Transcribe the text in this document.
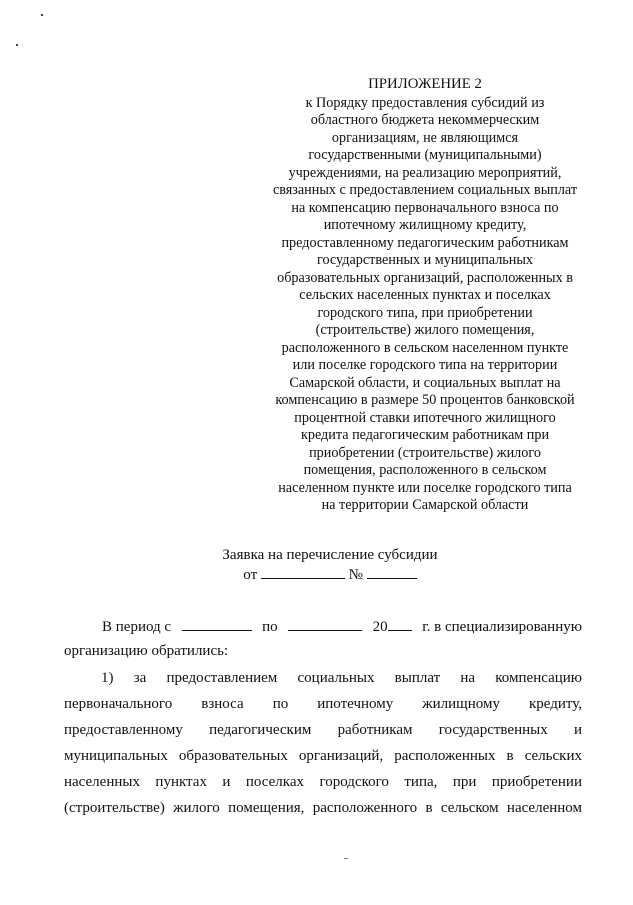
ПРИЛОЖЕНИЕ 2
к Порядку предоставления субсидий из
областного бюджета некоммерческим
организациям, не являющимся
государственными (муниципальными)
учреждениями, на реализацию мероприятий,
связанных с предоставлением социальных выплат
на компенсацию первоначального взноса по
ипотечному жилищному кредиту,
предоставленному педагогическим работникам
государственных и муниципальных
образовательных организаций, расположенных в
сельских населенных пунктах и поселках
городского типа, при приобретении
(строительстве) жилого помещения,
расположенного в сельском населенном пункте
или поселке городского типа на территории
Самарской области, и социальных выплат на
компенсацию в размере 50 процентов банковской
процентной ставки ипотечного жилищного
кредита педагогическим работникам при
приобретении (строительстве) жилого
помещения, расположенного в сельском
населенном пункте или поселке городского типа
на территории Самарской области
Заявка на перечисление субсидии
от	№
В период с	по	20	г. в специализированную
организацию обратились:
1) за предоставлением социальных выплат на компенсацию
первоначального взноса по ипотечному жилищному кредиту,
предоставленному педагогическим работникам государственных и
муниципальных образовательных организаций, расположенных в сельских
населенных пунктах и поселках городского типа, при приобретении
(строительстве) жилого помещения, расположенного в сельском населенном
